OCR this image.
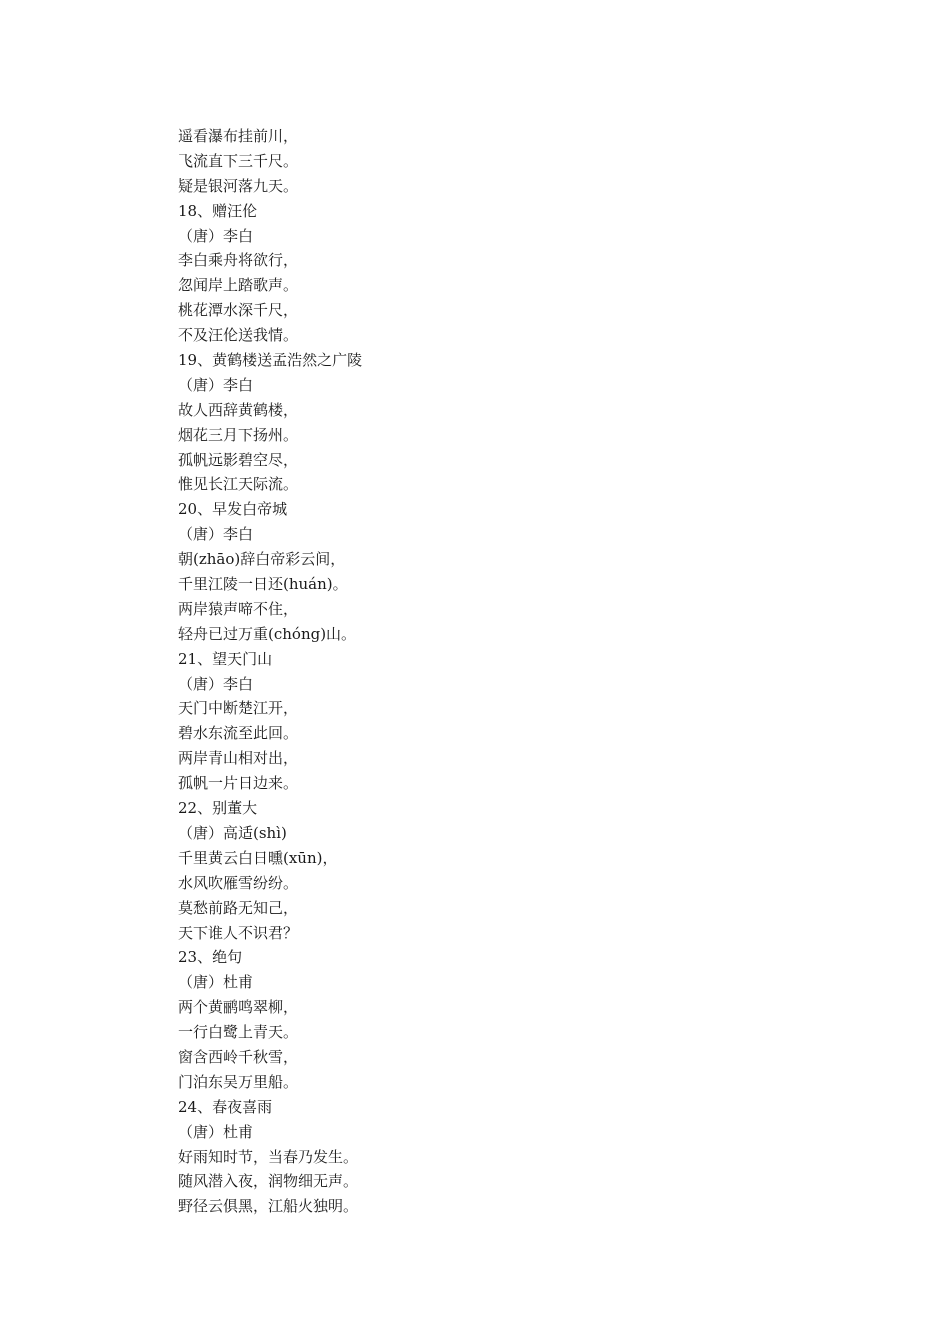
遥看瀑布挂前川，
飞流直下三千尺。
疑是银河落九天。
18、赠汪伦
（唐）李白
李白乘舟将欲行，
忽闻岸上踏歌声。
桃花潭水深千尺，
不及汪伦送我情。
19、黄鹤楼送孟浩然之广陵
（唐）李白
故人西辞黄鹤楼，
烟花三月下扬州。
孤帆远影碧空尽，
惟见长江天际流。
20、早发白帝城
（唐）李白
朝(zhāo)辞白帝彩云间，
千里江陵一日还(huán)。
两岸猿声啼不住，
轻舟已过万重(chóng)山。
21、望天门山
（唐）李白
天门中断楚江开，
碧水东流至此回。
两岸青山相对出，
孤帆一片日边来。
22、别董大
（唐）高适(shì)
千里黄云白日曛(xūn)，
水风吹雁雪纷纷。
莫愁前路无知己，
天下谁人不识君？
23、绝句
（唐）杜甫
两个黄鹂鸣翠柳，
一行白鹭上青天。
窗含西岭千秋雪，
门泊东吴万里船。
24、春夜喜雨
（唐）杜甫
好雨知时节，当春乃发生。
随风潜入夜，润物细无声。
野径云俱黑，江船火独明。
